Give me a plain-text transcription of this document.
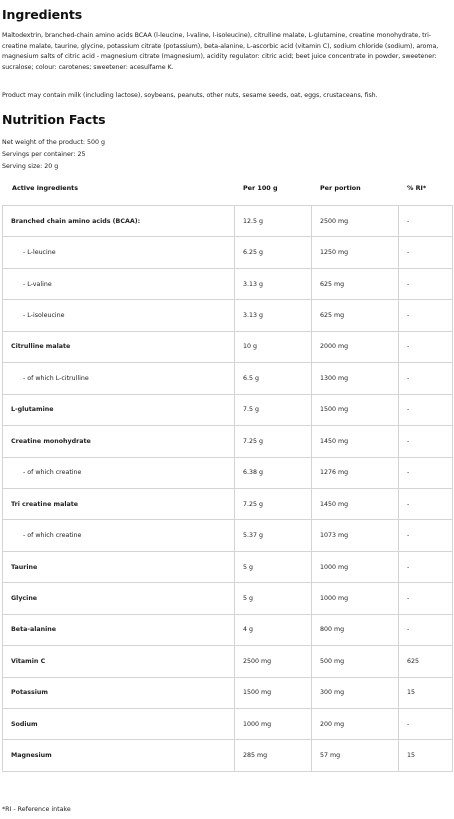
Ingredients

Maltodextrin, branched-chain amino acids BCAA (l-leucine, l-valine, l-isoleucine), citrulline malate, L-glutamine, creatine monohydrate, tri-creatine malate, taurine, glycine, potassium citrate (potassium), beta-alanine, L-ascorbic acid (vitamin C), sodium chloride (sodium), aroma, magnesium salts of citric acid - magnesium citrate (magnesium), acidity regulator: citric acid; beet juice concentrate in powder, sweetener: sucralose; colour: carotenes; sweetener: acesulfame K.

Product may contain milk (including lactose), soybeans, peanuts, other nuts, sesame seeds, oat, eggs, crustaceans, fish.

Nutrition Facts
Net weight of the product: 500 g
Servings per container: 25
Serving size: 20 g
Active ingredients	Per 100 g	Per portion	% RI*
Branched chain amino acids (BCAA):	12.5 g	2500 mg	-
- L-leucine	6.25 g	1250 mg	-
- L-valine	3.13 g	625 mg	-
- L-isoleucine	3.13 g	625 mg	-
Citrulline malate	10 g	2000 mg	-
- of which L-citrulline	6.5 g	1300 mg	-
L-glutamine	7.5 g	1500 mg	-
Creatine monohydrate	7.25 g	1450 mg	-
- of which creatine	6.38 g	1276 mg	-
Tri creatine malate	7.25 g	1450 mg	-
- of which creatine	5.37 g	1073 mg	-
Taurine	5 g	1000 mg	-
Glycine	5 g	1000 mg	-
Beta-alanine	4 g	800 mg	-
Vitamin C	2500 mg	500 mg	625
Potassium	1500 mg	300 mg	15
Sodium	1000 mg	200 mg	-
Magnesium	285 mg	57 mg	15
*RI - Reference intake
